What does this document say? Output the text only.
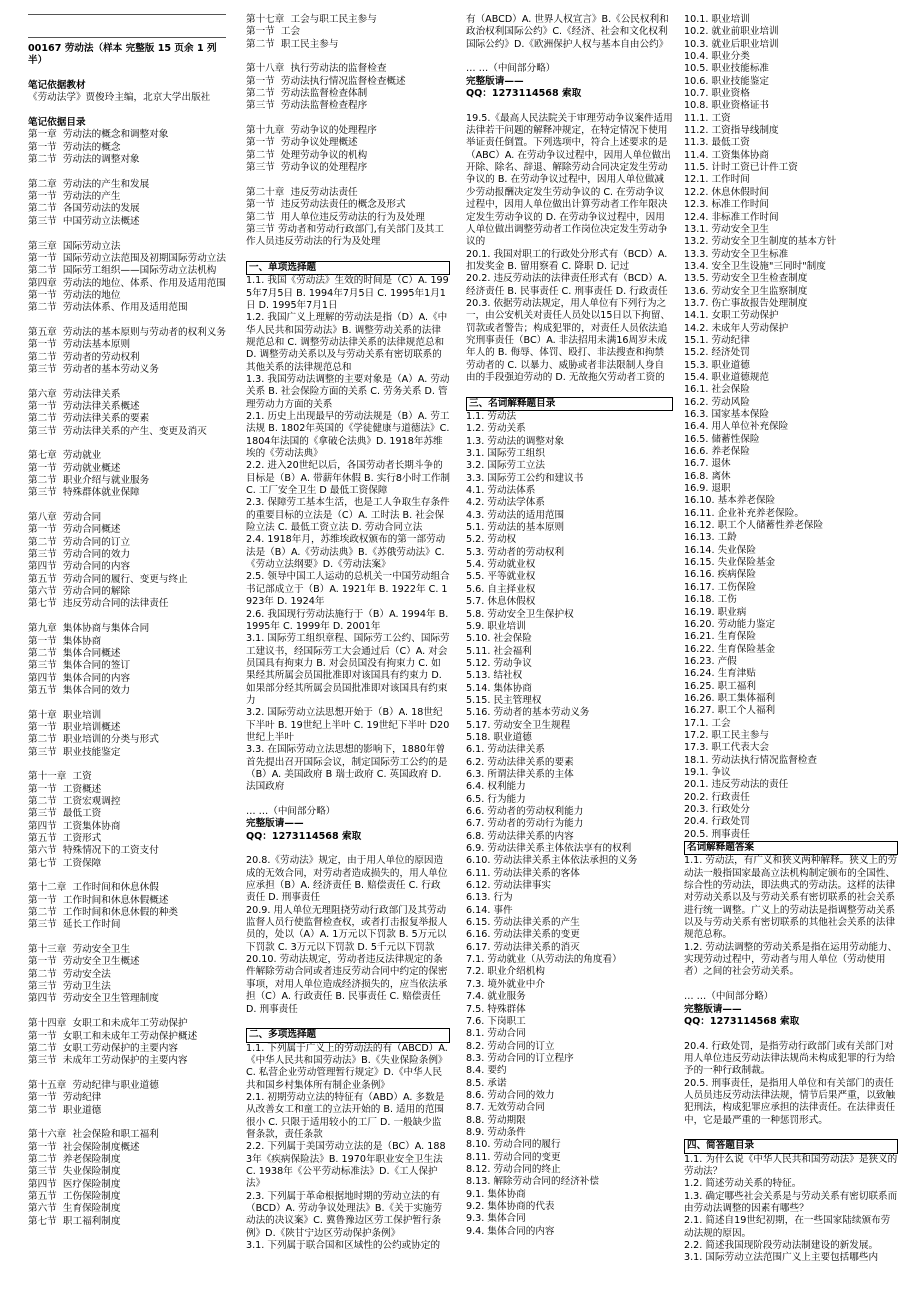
00167 劳动法（样本 完整版 15 页余 1 列半）
笔记依据教材
《劳动法学》贾俊玲主编，北京大学出版社
笔记依据目录
第一章  劳动法的概念和调整对象
第一节  劳动法的概念
第二节  劳动法的调整对象
第二章  劳动法的产生和发展
第一节  劳动法的产生
第二节  各国劳动法的发展
第三节  中国劳动立法概述
第三章  国际劳动立法
第一节  国际劳动立法范围及初期国际劳动立法
第二节  国际劳工组织——国际劳动立法机构
第四章  劳动法的地位、体系、作用及适用范围
第一节  劳动法的地位
第二节  劳动法体系、作用及适用范围
第五章  劳动法的基本原则与劳动者的权利义务
第一节  劳动法基本原则
第二节  劳动者的劳动权利
第三节  劳动者的基本劳动义务
第六章  劳动法律关系
第一节  劳动法律关系概述
第二节  劳动法律关系的要素
第三节  劳动法律关系的产生、变更及消灭
第七章  劳动就业
第一节  劳动就业概述
第二节  职业介绍与就业服务
第三节  特殊群体就业保障
第八章  劳动合同
第一节  劳动合同概述
第二节  劳动合同的订立
第三节  劳动合同的效力
第四节  劳动合同的内容
第五节  劳动合同的履行、变更与终止
第六节  劳动合同的解除
第七节  违反劳动合同的法律责任
第九章  集体协商与集体合同
第一节  集体协商
第二节  集体合同概述
第三节  集体合同的签订
第四节  集体合同的内容
第五节  集体合同的效力
第十章  职业培训
第一节  职业培训概述
第二节  职业培训的分类与形式
第三节  职业技能鉴定
第十一章  工资
第一节  工资概述
第二节  工资宏观调控
第三节  最低工资
第四节  工资集体协商
第五节  工资形式
第六节  特殊情况下的工资支付
第七节  工资保障
第十二章  工作时间和休息休假
第一节  工作时间和休息休假概述
第二节  工作时间和休息休假的种类
第三节  延长工作时间
第十三章  劳动安全卫生
第一节  劳动安全卫生概述
第二节  劳动安全法
第三节  劳动卫生法
第四节  劳动安全卫生管理制度
第十四章  女职工和未成年工劳动保护
第一节  女职工和未成年工劳动保护概述
第二节  女职工劳动保护的主要内容
第三节  未成年工劳动保护的主要内容
第十五章  劳动纪律与职业道德
第一节  劳动纪律
第二节  职业道德
第十六章  社会保险和职工福利
第一节  社会保险制度概述
第二节  养老保险制度
第三节  失业保险制度
第四节  医疗保险制度
第五节  工伤保险制度
第六节  生育保险制度
第七节  职工福利制度
第十七章  工会与职工民主参与
第一节  工会
第二节  职工民主参与
第十八章  执行劳动法的监督检查
第一节  劳动法执行情况监督检查概述
第二节  劳动法监督检查体制
第三节  劳动法监督检查程序
第十九章  劳动争议的处理程序
第一节  劳动争议处理概述
第二节  处理劳动争议的机构
第三节  劳动争议的处理程序
第二十章  违反劳动法责任
第一节  违反劳动法责任的概念及形式
第二节  用人单位违反劳动法的行为及处理
第三节 劳动者和劳动行政部门,有关部门及其工作人员违反劳动法的行为及处理
一、单项选择题
1.1. 我国《劳动法》生效的时间是（C）A. 1995年7月5日 B. 1994年7月5日 C. 1995年1月1日 D. 1995年7月1日
1.2. 我国广义上理解的劳动法是指（D）A.《中华人民共和国劳动法》B. 调整劳动关系的法律规范总和 C. 调整劳动法律关系的法律规范总和 D. 调整劳动关系以及与劳动关系有密切联系的其他关系的法律规范总和
1.3. 我国劳动法调整的主要对象是（A）A. 劳动关系 B. 社会保险方面的关系 C. 劳务关系 D. 管理劳动力方面的关系
2.1. 历史上出现最早的劳动法规是（B）A. 劳工法规 B. 1802年英国的《学徒健康与道德法》C. 1804年法国的《拿破仑法典》D. 1918年苏维埃的《劳动法典》
2.2. 进入20世纪以后，各国劳动者长期斗争的目标是（B）A. 带薪年休假 B. 实行8小时工作制 C. 工厂安全卫生 D 最低工资保障
2.3. 保障劳工基本生活，也是工人争取生存条件的重要目标的立法是（C）A. 工时法 B. 社会保险立法 C. 最低工资立法 D. 劳动合同立法
2.4. 1918年月，苏维埃政权颁布的第一部劳动法是（B）A.《劳动法典》B.《苏俄劳动法》C.《劳动立法纲要》D.《劳动法案》
2.5. 领导中国工人运动的总机关一中国劳动组合书记部成立于（B）A. 1921年 B. 1922年 C. 1923年 D. 1924年
2.6. 我国现行劳动法施行于（B）A. 1994年 B. 1995年 C. 1999年 D. 2001年
3.1. 国际劳工组织章程、国际劳工公约、国际劳工建议书，经国际劳工大会通过后（C）A. 对会员国具有拘束力 B. 对会员国没有拘束力 C. 如果经其所属会员国批准即对该国具有约束力 D. 如果部分经其所属会员国批准即对该国具有约束力
3.2. 国际劳动立法思想开始于（B）A. 18世纪下半叶 B. 19世纪上半叶 C. 19世纪下半叶 D20世纪上半叶
3.3. 在国际劳动立法思想的影响下，1880年曾首先提出召开国际会议，制定国际劳工公约的是（B）A. 美国政府 B 瑞士政府 C. 英国政府 D. 法国政府
… …（中间部分略）
完整版请——
QQ：1273114568 索取
20.8.《劳动法》规定，由于用人单位的原因造成的无效合同，对劳动者造成损失的，用人单位应承担（B）A. 经济责任 B. 赔偿责任 C. 行政责任 D. 刑事责任
20.9. 用人单位无理阻挠劳动行政部门及其劳动监督人员行使监督检查权，或者打击报复举报人员的，处以（A）A. 1万元以下罚款 B. 5万元以下罚款 C. 3万元以下罚款 D. 5千元以下罚款
20.10. 劳动法规定，劳动者违反法律规定的条件解除劳动合同或者违反劳动合同中约定的保密事项，对用人单位造成经济损失的，应当依法承担（C）A. 行政责任 B. 民事责任 C. 赔偿责任 D. 刑事责任
二、多项选择题
1.1. 下列属于广义上的劳动法的有（ABCD）A.《中华人民共和国劳动法》B.《失业保险条例》C. 私营企业劳动管理暂行规定》D.《中华人民共和国乡村集体所有制企业条例》
2.1. 初期劳动立法的特征有（ABD）A. 多数是从改善女工和童工的立法开始的 B. 适用的范围很小 C. 只限于适用较小的工厂 D. 一般缺少监督条款，责任条款
2.2. 下列属于美国劳动立法的是（BC）A. 1883年《疾病保险法》B. 1970年职业安全卫生法 C. 1938年《公平劳动标准法》D.《工人保护法》
2.3. 下列属于革命根据地时期的劳动立法的有（BCD）A. 劳动争议处理法》B.《关于实施劳动法的决议案》C. 冀鲁豫边区劳工保护暂行条例》D.《陕甘宁边区劳动保护条例》
3.1. 下列属于联合国和区域性的公约或协定的
有（ABCD）A. 世界人权宣言》B.《公民权利和政治权利国际公约》C.《经济、社会和文化权利国际公约》D.《欧洲保护人权与基本自由公约》
… …（中间部分略）
完整版请——
QQ：1273114568 索取
19.5.《最高人民法院关于审理劳动争议案件适用法律若干问题的解释冲规定，在特定情况下使用举证责任倒置。下列选项中，符合上述要求的是（ABC）A. 在劳动争议过程中，因用人单位做出开除、除名、辞退、解除劳动合同决定发生劳动争议的 B. 在劳动争议过程中，因用人单位做减少劳动报酬决定发生劳动争议的 C. 在劳动争议过程中，因用人单位做出计算劳动者工作年限决定发生劳动争议的 D. 在劳动争议过程中，因用人单位做出调整劳动者工作岗位决定发生劳动争议的
20.1. 我国对职工的行政处分形式有（BCD）A. 扣发奖金 B. 留用察看 C. 降职 D. 记过
20.2. 违反劳动法的法律责任形式有（BCD）A. 经济责任 B. 民事责任 C. 刑事责任 D. 行政责任
20.3. 依据劳动法规定，用人单位有下列行为之一，由公安机关对责任人员处以15日以下拘留、罚款或者警告；构成犯罪的，对责任人员依法追究刑事责任（BC）A. 非法招用未满16周岁未成年人的 B. 侮辱、体罚、殴打、非法搜查和拘禁劳动者的 C. 以暴力、威胁或者非法限制人身自由的手段强迫劳动的 D. 无故拖欠劳动者工资的
三、名词解释题目录
1.1. 劳动法
1.2. 劳动关系
1.3. 劳动法的调整对象
3.1. 国际劳工组织
3.2. 国际劳工立法
3.3. 国际劳工公约和建议书
4.1. 劳动法体系
4.2. 劳动法学体系
4.3. 劳动法的适用范围
5.1. 劳动法的基本原则
5.2. 劳动权
5.3. 劳动者的劳动权利
5.4. 劳动就业权
5.5. 平等就业权
5.6. 自主择业权
5.7. 休息休假权
5.8. 劳动安全卫生保护权
5.9. 职业培训
5.10. 社会保险
5.11. 社会福利
5.12. 劳动争议
5.13. 结社权
5.14. 集体协商
5.15. 民主管理权
5.16. 劳动者的基本劳动义务
5.17. 劳动安全卫生规程
5.18. 职业道德
6.1. 劳动法律关系
6.2. 劳动法律关系的要素
6.3. 所谓法律关系的主体
6.4. 权利能力
6.5. 行为能力
6.6. 劳动者的劳动权利能力
6.7. 劳动者的劳动行为能力
6.8. 劳动法律关系的内容
6.9. 劳动法律关系主体依法享有的权利
6.10. 劳动法律关系主体依法承担的义务
6.11. 劳动法律关系的客体
6.12. 劳动法律事实
6.13. 行为
6.14. 事件
6.15. 劳动法律关系的产生
6.16. 劳动法律关系的变更
6.17. 劳动法律关系的消灭
7.1. 劳动就业（从劳动法的角度看）
7.2. 职业介绍机构
7.3. 境外就业中介
7.4. 就业服务
7.5. 特殊群体
7.6. 下岗职工
8.1. 劳动合同
8.2. 劳动合同的订立
8.3. 劳动合同的订立程序
8.4. 要约
8.5. 承诺
8.6. 劳动合同的效力
8.7. 无效劳动合同
8.8. 劳动期限
8.9. 劳动条件
8.10. 劳动合同的履行
8.11. 劳动合同的变更
8.12. 劳动合同的终止
8.13. 解除劳动合同的经济补偿
9.1. 集体协商
9.2. 集体协商的代表
9.3. 集体合同
9.4. 集体合同的内容
10.1. 职业培训
10.2. 就业前职业培训
10.3. 就业后职业培训
10.4. 职业分类
10.5. 职业技能标准
10.6. 职业技能鉴定
10.7. 职业资格
10.8. 职业资格证书
11.1. 工资
11.2. 工资指导线制度
11.3. 最低工资
11.4. 工资集体协商
11.5. 计时工资已计件工资
12.1. 工作时间
12.2. 休息休假时间
12.3. 标准工作时间
12.4. 非标准工作时间
13.1. 劳动安全卫生
13.2. 劳动安全卫生制度的基本方针
13.3. 劳动安全卫生标准
13.4. 安全卫生设施"三同时"制度
13.5. 劳动安全卫生检查制度
13.6. 劳动安全卫生监察制度
13.7. 伤亡事故报告处理制度
14.1. 女职工劳动保护
14.2. 未成年人劳动保护
15.1. 劳动纪律
15.2. 经济处罚
15.3. 职业道德
15.4. 职业道德规范
16.1. 社会保险
16.2. 劳动风险
16.3. 国家基本保险
16.4. 用人单位补充保险
16.5. 储蓄性保险
16.6. 养老保险
16.7. 退休
16.8. 离休
16.9. 退职
16.10. 基本养老保险
16.11. 企业补充养老保险。
16.12. 职工个人储蓄性养老保险
16.13. 工龄
16.14. 失业保险
16.15. 失业保险基金
16.16. 疾病保险
16.17. 工伤保险
16.18. 工伤
16.19. 职业病
16.20. 劳动能力鉴定
16.21. 生育保险
16.22. 生育保险基金
16.23. 产假
16.24. 生育津贴
16.25. 职工福利
16.26. 职工集体福利
16.27. 职工个人福利
17.1. 工会
17.2. 职工民主参与
17.3. 职工代表大会
18.1. 劳动法执行情况监督检查
19.1. 争议
20.1. 违反劳动法的责任
20.2. 行政责任
20.3. 行政处分
20.4. 行政处罚
20.5. 刑事责任
名词解释题答案
1.1. 劳动法，有广义和狭义两种解释。狭义上的劳动法一般指国家最高立法机构制定颁布的全国性、综合性的劳动法，即法典式的劳动法。这样的法律对劳动关系以及与劳动关系有密切联系的社会关系进行统一调整。广义上的劳动法是指调整劳动关系以及与劳动关系有密切联系的其他社会关系的法律规范总称。
1.2. 劳动法调整的劳动关系是指在运用劳动能力、实现劳动过程中，劳动者与用人单位（劳动使用者）之间的社会劳动关系。
… …（中间部分略）
完整版请——
QQ：1273114568 索取
20.4. 行政处罚，是指劳动行政部门或有关部门对用人单位违反劳动法律法规尚未构成犯罪的行为给予的一种行政制裁。
20.5. 刑事责任，是指用人单位和有关部门的责任人员员违反劳动法律法规，情节后果严重，以致触犯刑法，构成犯罪应承担的法律责任。在法律责任中，它是最严重的一种惩罚形式。
四、简答题目录
1.1. 为什么说《中华人民共和国劳动法》是狭义的劳动法？
1.2. 简述劳动关系的特征。
1.3. 确定哪些社会关系是与劳动关系有密切联系而由劳动法调整的因素有哪些？
2.1. 简述自19世纪初期，在一些国家陆续颁布劳动法规的原因。
2.2. 简述我国现阶段劳动法制建设的新发展。
3.1. 国际劳动立法范围广义上主要包括哪些内
